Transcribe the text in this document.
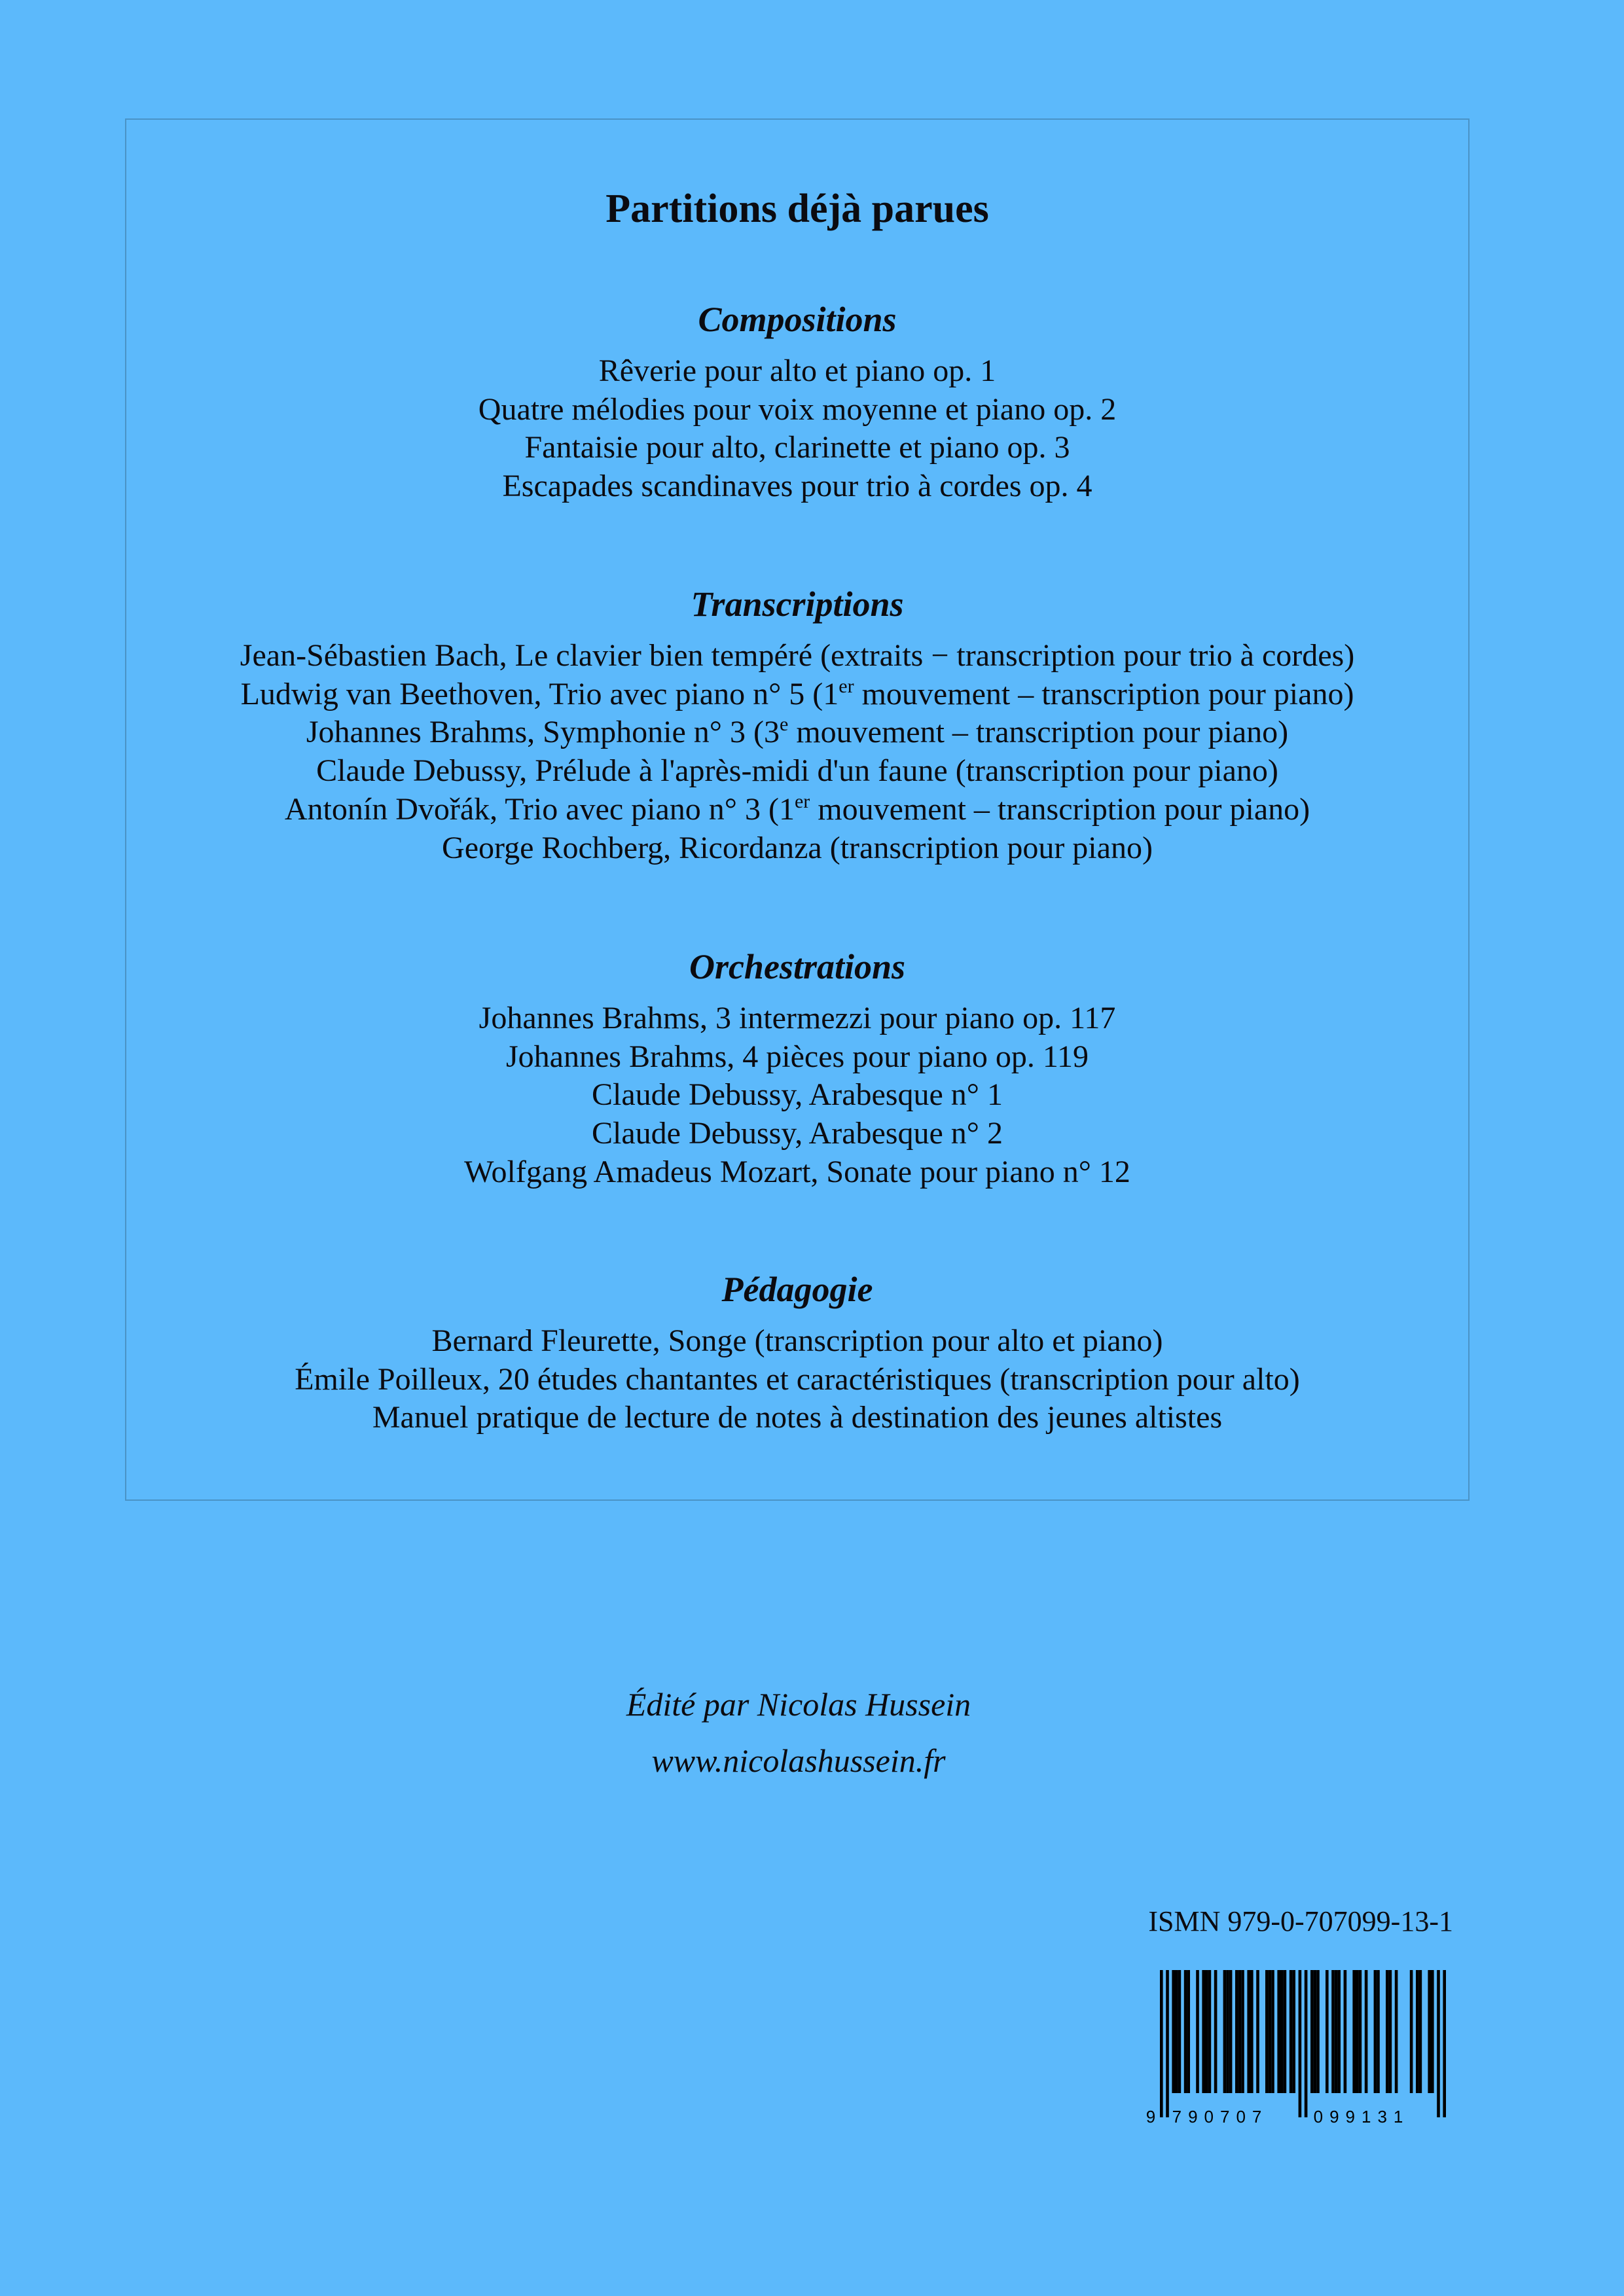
Partitions déjà parues
Compositions
Rêverie pour alto et piano op. 1
Quatre mélodies pour voix moyenne et piano op. 2
Fantaisie pour alto, clarinette et piano op. 3
Escapades scandinaves pour trio à cordes op. 4
Transcriptions
Jean-Sébastien Bach, Le clavier bien tempéré (extraits − transcription pour trio à cordes)
Ludwig van Beethoven, Trio avec piano n° 5 (1er mouvement – transcription pour piano)
Johannes Brahms, Symphonie n° 3 (3e mouvement – transcription pour piano)
Claude Debussy, Prélude à l'après-midi d'un faune (transcription pour piano)
Antonín Dvořák, Trio avec piano n° 3 (1er mouvement – transcription pour piano)
George Rochberg, Ricordanza (transcription pour piano)
Orchestrations
Johannes Brahms, 3 intermezzi pour piano op. 117
Johannes Brahms, 4 pièces pour piano op. 119
Claude Debussy, Arabesque n° 1
Claude Debussy, Arabesque n° 2
Wolfgang Amadeus Mozart, Sonate pour piano n° 12
Pédagogie
Bernard Fleurette, Songe (transcription pour alto et piano)
Émile Poilleux, 20 études chantantes et caractéristiques (transcription pour alto)
Manuel pratique de lecture de notes à destination des jeunes altistes
Édité par Nicolas Hussein
www.nicolashussein.fr
ISMN 979-0-707099-13-1
9 790707	099131
